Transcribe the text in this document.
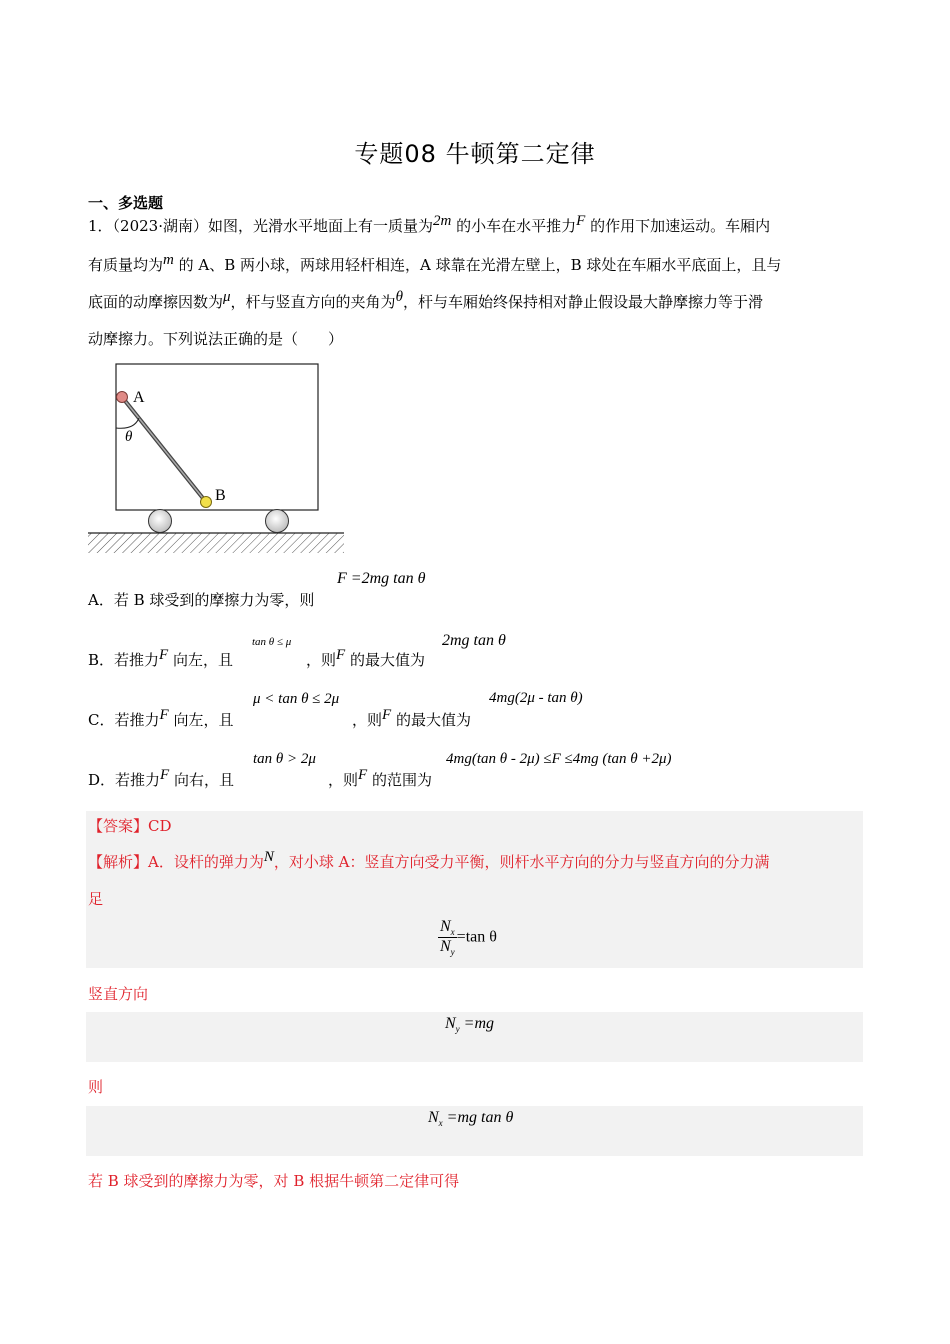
专题08 牛顿第二定律
一、多选题
1．（2023·湖南）如图，光滑水平地面上有一质量为2m 的小车在水平推力F 的作用下加速运动。车厢内
有质量均为m 的 A、B 两小球，两球用轻杆相连，A 球靠在光滑左壁上，B 球处在车厢水平底面上，且与
底面的动摩擦因数为μ，杆与竖直方向的夹角为θ，杆与车厢始终保持相对静止假设最大静摩擦力等于滑
动摩擦力。下列说法正确的是（　　）
A
B
θ
A．若 B 球受到的摩擦力为零，则
F =2mg tan θ
B．若推力F 向左，且
tan θ ≤ μ
，则F 的最大值为
2mg tan θ
C．若推力F 向左，且
μ < tan θ ≤ 2μ
，则F 的最大值为
4mg(2μ - tan θ)
D．若推力F 向右，且
tan θ > 2μ
，则F 的范围为
4mg(tan θ - 2μ) ≤F ≤4mg (tan θ +2μ)
【答案】CD
【解析】A．设杆的弹力为N，对小球 A：竖直方向受力平衡，则杆水平方向的分力与竖直方向的分力满
足
$\frac{N_x}{N_y} =\tan$ θ
竖直方向
$N_y =mg$
则
$N_x =mg$ tan θ
若 B 球受到的摩擦力为零，对 B 根据牛顿第二定律可得
